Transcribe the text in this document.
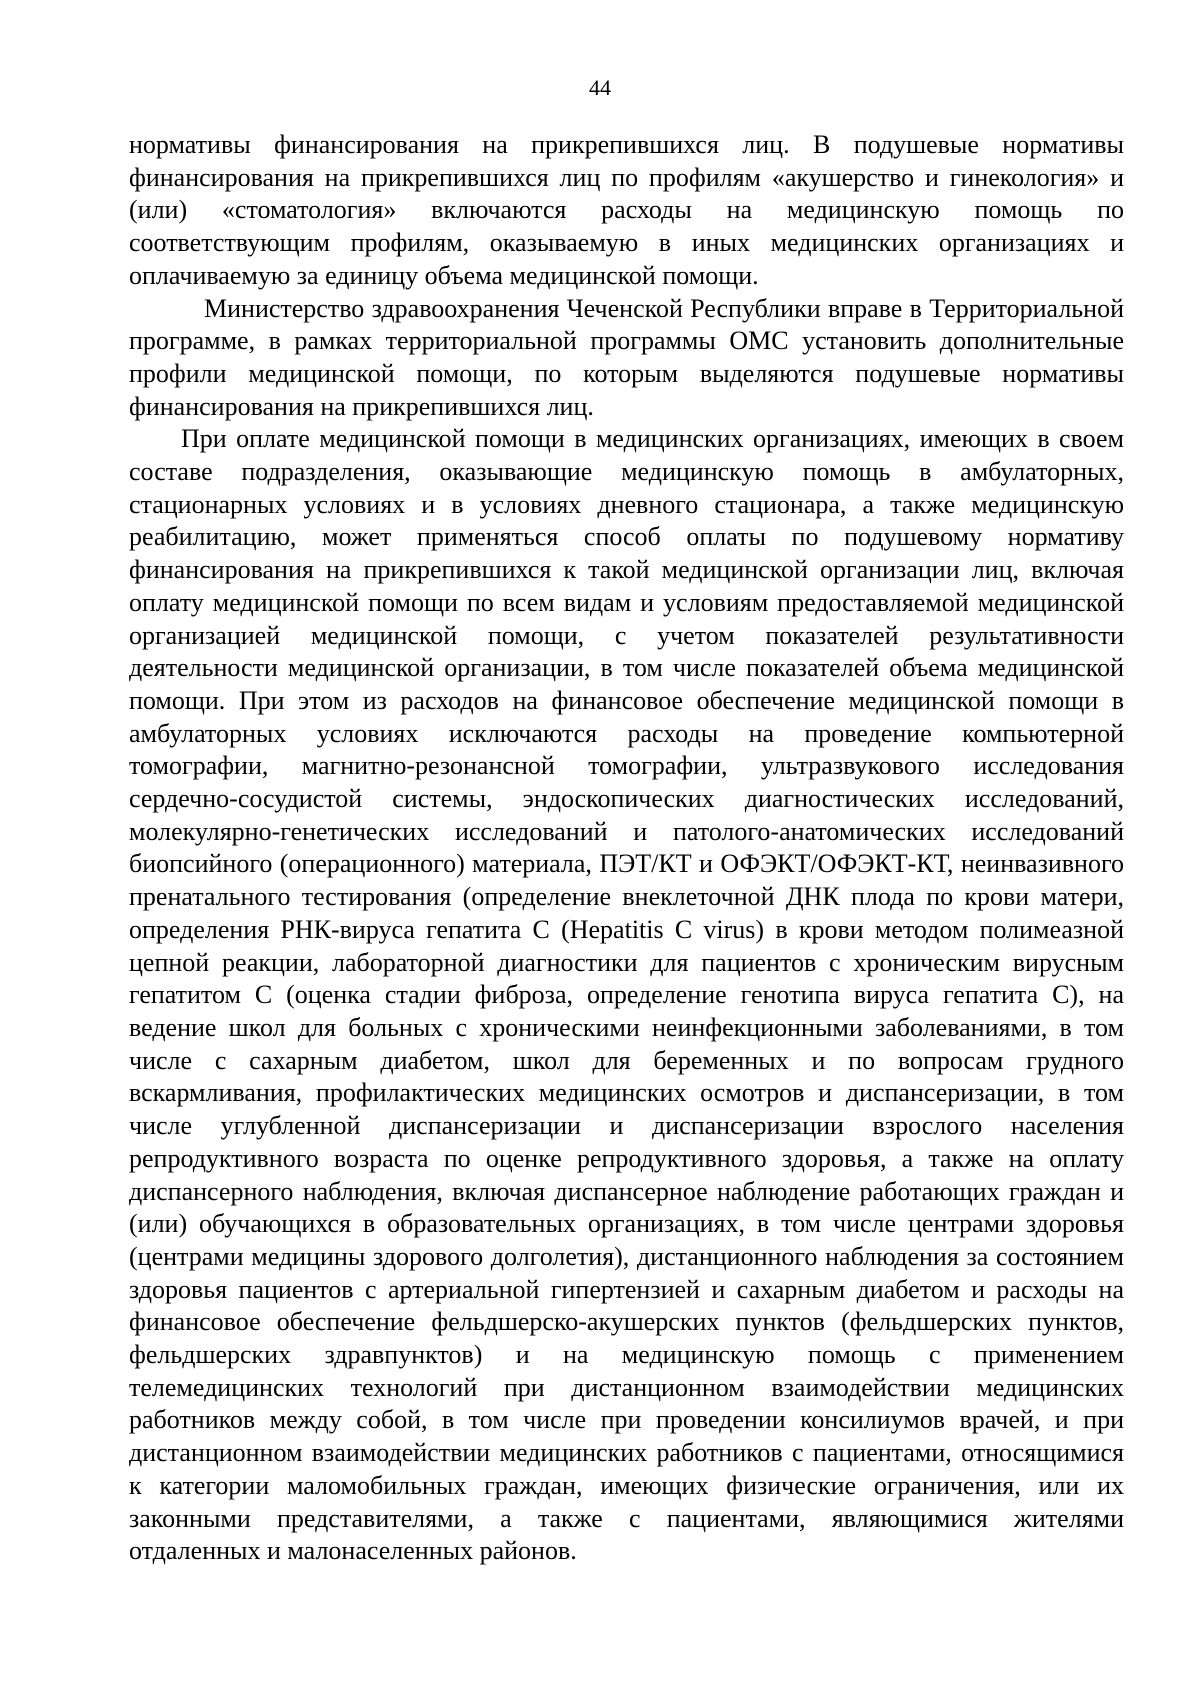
44

нормативы финансирования на прикрепившихся лиц. В подушевые нормативы финансирования на прикрепившихся лиц по профилям «акушерство и гинекология» и (или) «стоматология» включаются расходы на медицинскую помощь по соответствующим профилям, оказываемую в иных медицинских организациях и оплачиваемую за единицу объема медицинской помощи.

Министерство здравоохранения Чеченской Республики вправе в Территориальной программе, в рамках территориальной программы ОМС установить дополнительные профили медицинской помощи, по которым выделяются подушевые нормативы финансирования на прикрепившихся лиц.

При оплате медицинской помощи в медицинских организациях, имеющих в своем составе подразделения, оказывающие медицинскую помощь в амбулаторных, стационарных условиях и в условиях дневного стационара, а также медицинскую реабилитацию, может применяться способ оплаты по подушевому нормативу финансирования на прикрепившихся к такой медицинской организации лиц, включая оплату медицинской помощи по всем видам и условиям предоставляемой медицинской организацией медицинской помощи, с учетом показателей результативности деятельности медицинской организации, в том числе показателей объема медицинской помощи. При этом из расходов на финансовое обеспечение медицинской помощи в амбулаторных условиях исключаются расходы на проведение компьютерной томографии, магнитно-резонансной томографии, ультразвукового исследования сердечно-сосудистой системы, эндоскопических диагностических исследований, молекулярно-генетических исследований и патолого-анатомических исследований биопсийного (операционного) материала, ПЭТ/КТ и ОФЭКТ/ОФЭКТ-КТ, неинвазивного пренатального тестирования (определение внеклеточной ДНК плода по крови матери, определения РНК-вируса гепатита С (Hepatitis C virus) в крови методом полимеазной цепной реакции, лабораторной диагностики для пациентов с хроническим вирусным гепатитом С (оценка стадии фиброза, определение генотипа вируса гепатита С), на ведение школ для больных с хроническими неинфекционными заболеваниями, в том числе с сахарным диабетом, школ для беременных и по вопросам грудного вскармливания, профилактических медицинских осмотров и диспансеризации, в том числе углубленной диспансеризации и диспансеризации взрослого населения репродуктивного возраста по оценке репродуктивного здоровья, а также на оплату диспансерного наблюдения, включая диспансерное наблюдение работающих граждан и (или) обучающихся в образовательных организациях, в том числе центрами здоровья (центрами медицины здорового долголетия), дистанционного наблюдения за состоянием здоровья пациентов с артериальной гипертензией и сахарным диабетом и расходы на финансовое обеспечение фельдшерско-акушерских пунктов (фельдшерских пунктов, фельдшерских здравпунктов) и на медицинскую помощь с применением телемедицинских технологий при дистанционном взаимодействии медицинских работников между собой, в том числе при проведении консилиумов врачей, и при дистанционном взаимодействии медицинских работников с пациентами, относящимися к категории маломобильных граждан, имеющих физические ограничения, или их законными представителями, а также с пациентами, являющимися жителями отдаленных и малонаселенных районов.
